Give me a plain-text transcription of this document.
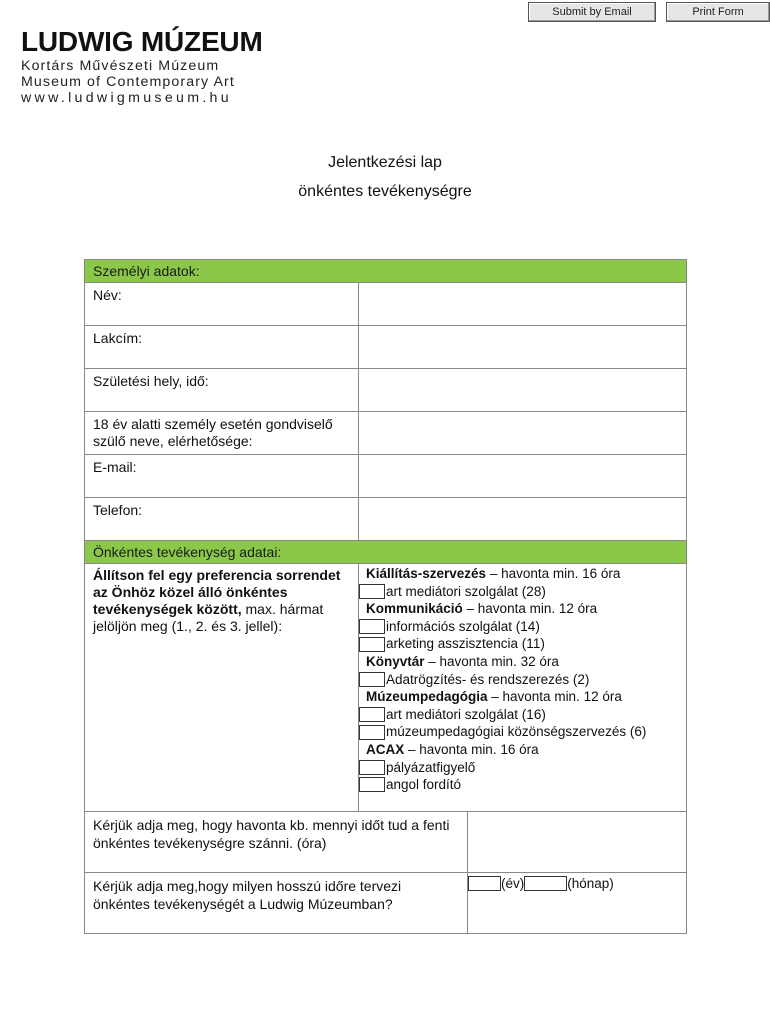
Submit by Email	Print Form
LUDWIG MÚZEUM
Kortárs Művészeti Múzeum
Museum of Contemporary Art
www.ludwigmuseum.hu
Jelentkezési lap
önkéntes tevékenységre
Személyi adatok:
Név:
Lakcím:
Születési hely, idő:
18 év alatti személy esetén gondviselő szülő neve, elérhetősége:
E-mail:
Telefon:
Önkéntes tevékenység adatai:
Állítson fel egy preferencia sorrendet az Önhöz közel álló önkéntes tevékenységek között, max. hármat jelöljön meg (1., 2. és 3. jellel):
Kiállítás-szervezés – havonta min. 16 óra
art mediátori szolgálat (28)
Kommunikáció – havonta min. 12 óra
információs szolgálat (14)
arketing asszisztencia (11)
Könyvtár – havonta min. 32 óra
Adatrögzítés- és rendszerezés (2)
Múzeumpedagógia – havonta min. 12 óra
art mediátori szolgálat (16)
múzeumpedagógiai közönségszervezés (6)
ACAX – havonta min. 16 óra
pályázatfigyelő
angol fordító
Kérjük adja meg, hogy havonta kb. mennyi időt tud a fenti önkéntes tevékenységre szánni. (óra)
Kérjük adja meg,hogy milyen hosszú időre tervezi önkéntes tevékenységét a Ludwig Múzeumban?
(év)	(hónap)
